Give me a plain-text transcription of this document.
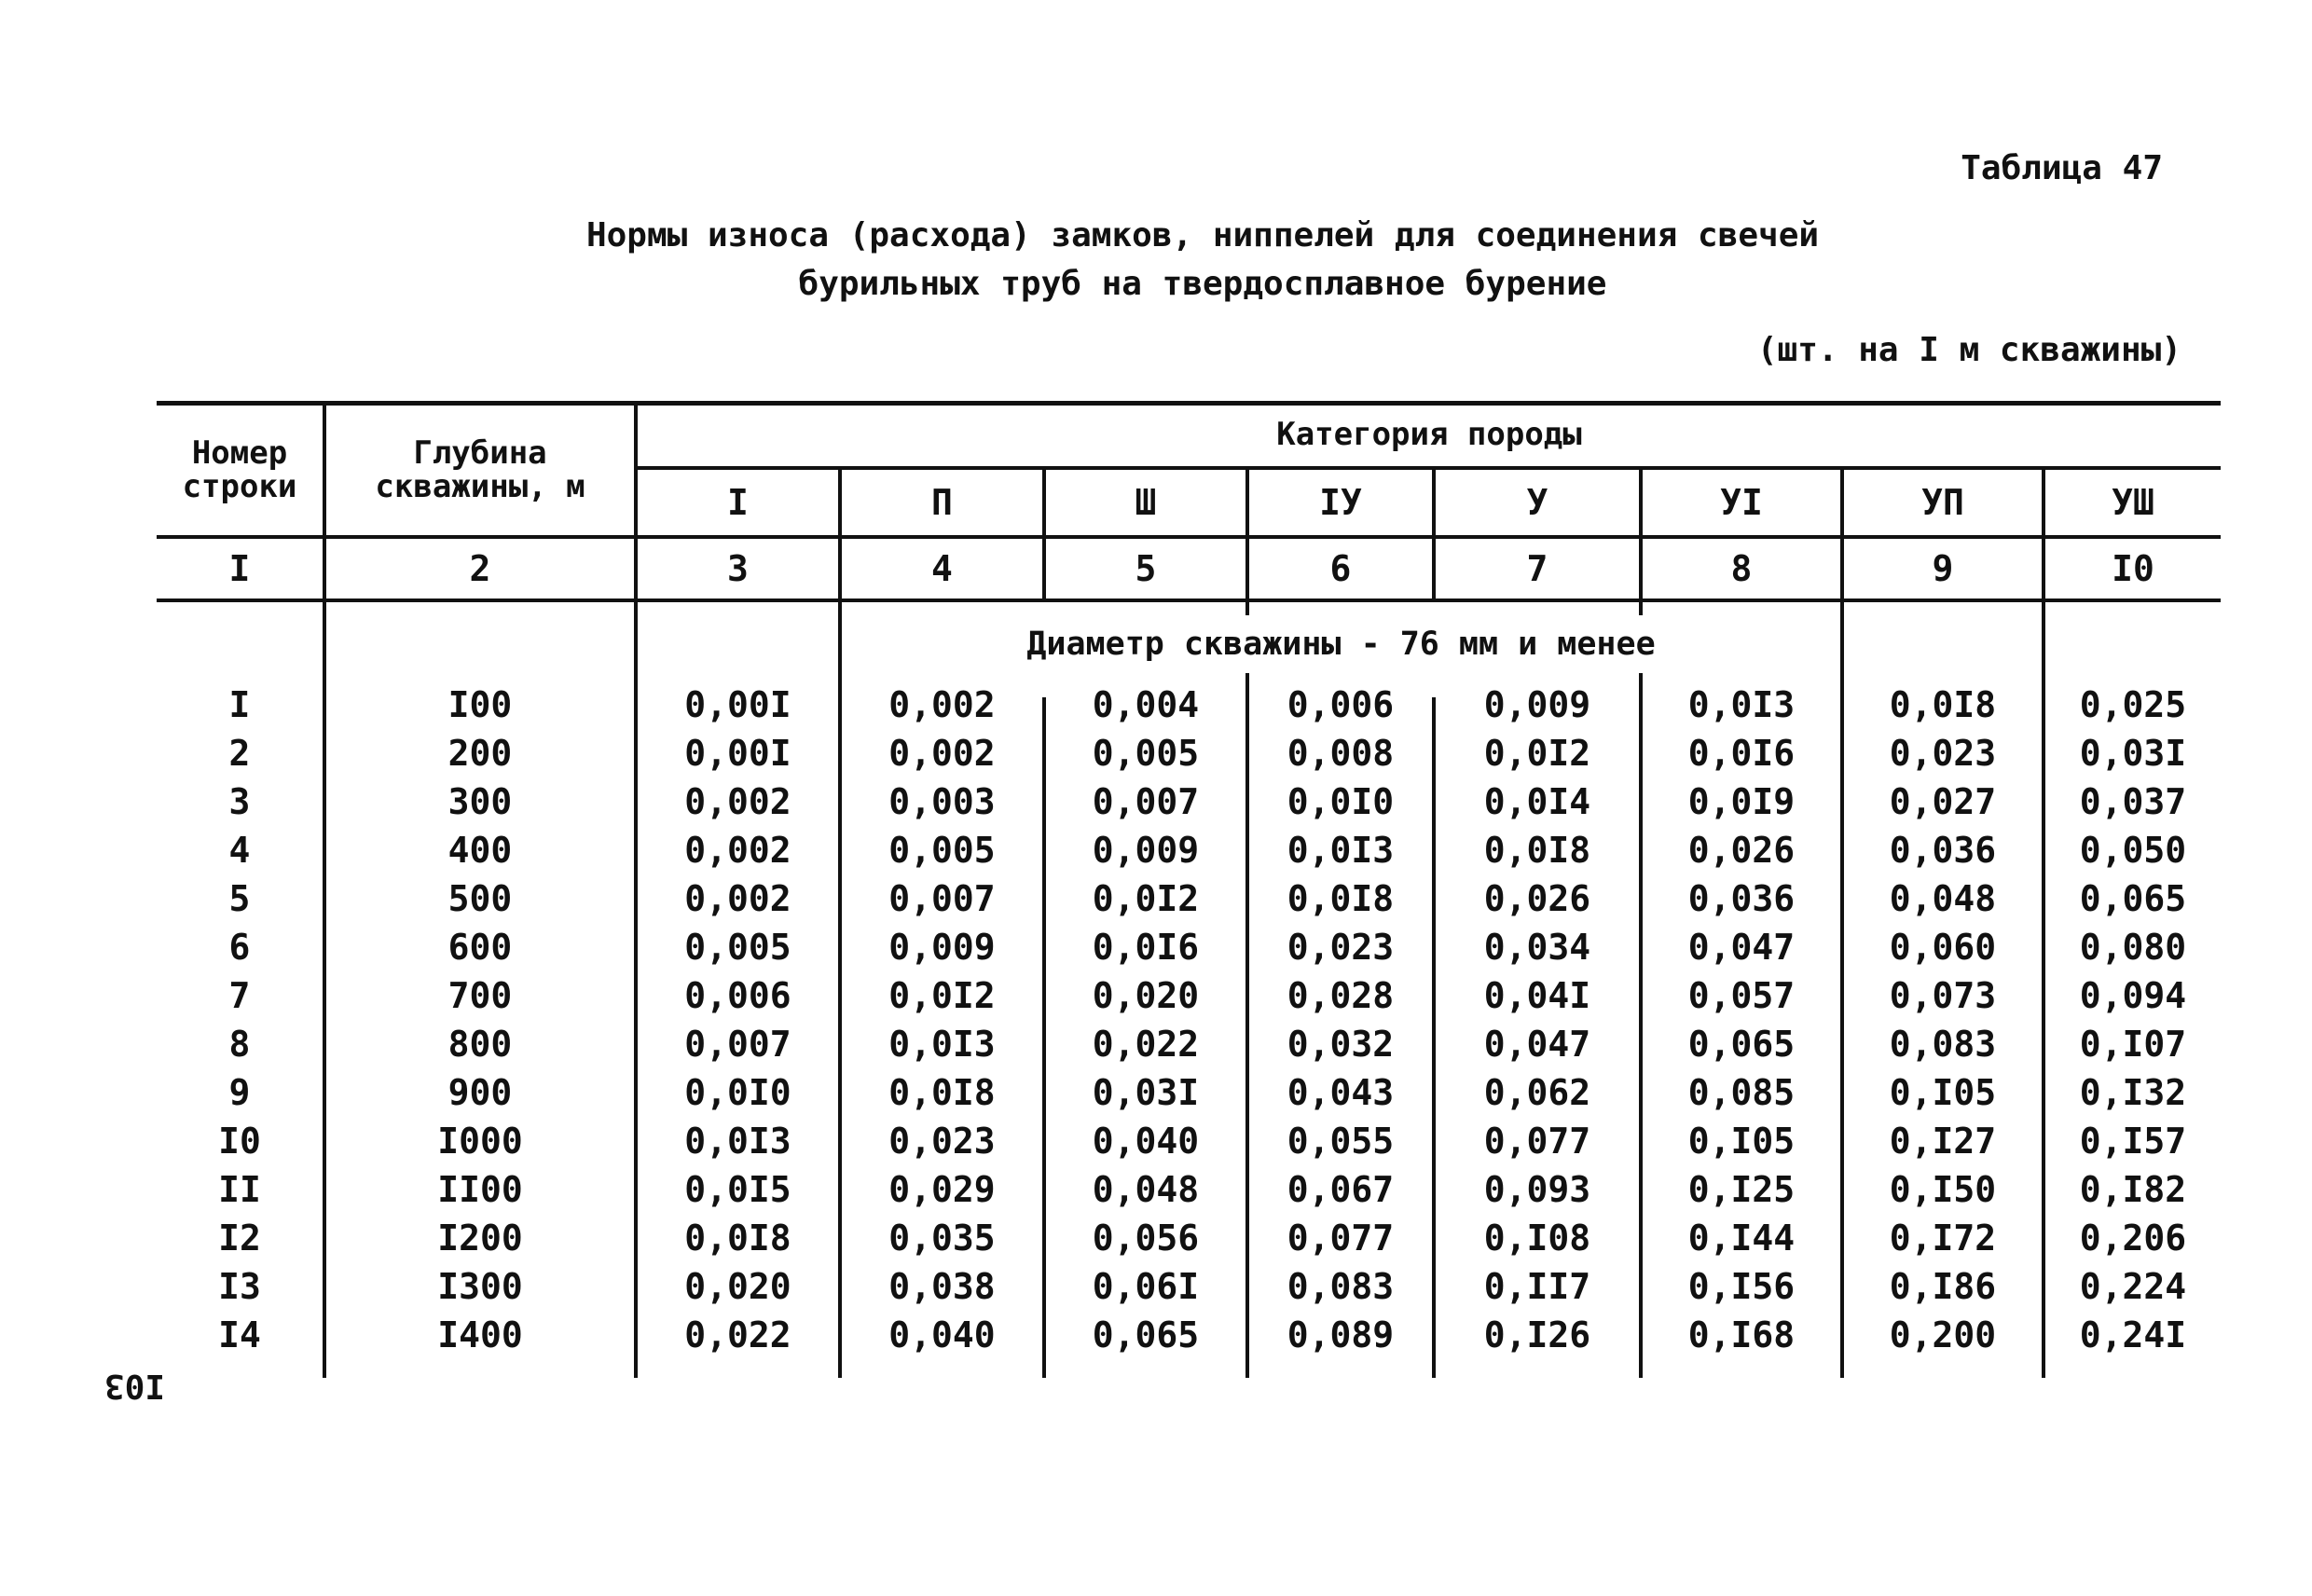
Таблица 47
Нормы износа (расхода) замков, ниппелей для соединения свечей
бурильных труб на твердосплавное бурение
(шт. на I м скважины)
I03
Номер строки
Глубина скважины, м
Категория породы
I	П	Ш	IУ	У	УI	УП	УШ
I	2	3	4	5	6	7	8	9	I0
Диаметр скважины - 76 мм и менее
I	I00	0,00I	0,002	0,004	0,006	0,009	0,0I3	0,0I8	0,025
2	200	0,00I	0,002	0,005	0,008	0,0I2	0,0I6	0,023	0,03I
3	300	0,002	0,003	0,007	0,0I0	0,0I4	0,0I9	0,027	0,037
4	400	0,002	0,005	0,009	0,0I3	0,0I8	0,026	0,036	0,050
5	500	0,002	0,007	0,0I2	0,0I8	0,026	0,036	0,048	0,065
6	600	0,005	0,009	0,0I6	0,023	0,034	0,047	0,060	0,080
7	700	0,006	0,0I2	0,020	0,028	0,04I	0,057	0,073	0,094
8	800	0,007	0,0I3	0,022	0,032	0,047	0,065	0,083	0,I07
9	900	0,0I0	0,0I8	0,03I	0,043	0,062	0,085	0,I05	0,I32
I0	I000	0,0I3	0,023	0,040	0,055	0,077	0,I05	0,I27	0,I57
II	II00	0,0I5	0,029	0,048	0,067	0,093	0,I25	0,I50	0,I82
I2	I200	0,0I8	0,035	0,056	0,077	0,I08	0,I44	0,I72	0,206
I3	I300	0,020	0,038	0,06I	0,083	0,II7	0,I56	0,I86	0,224
I4	I400	0,022	0,040	0,065	0,089	0,I26	0,I68	0,200	0,24I
